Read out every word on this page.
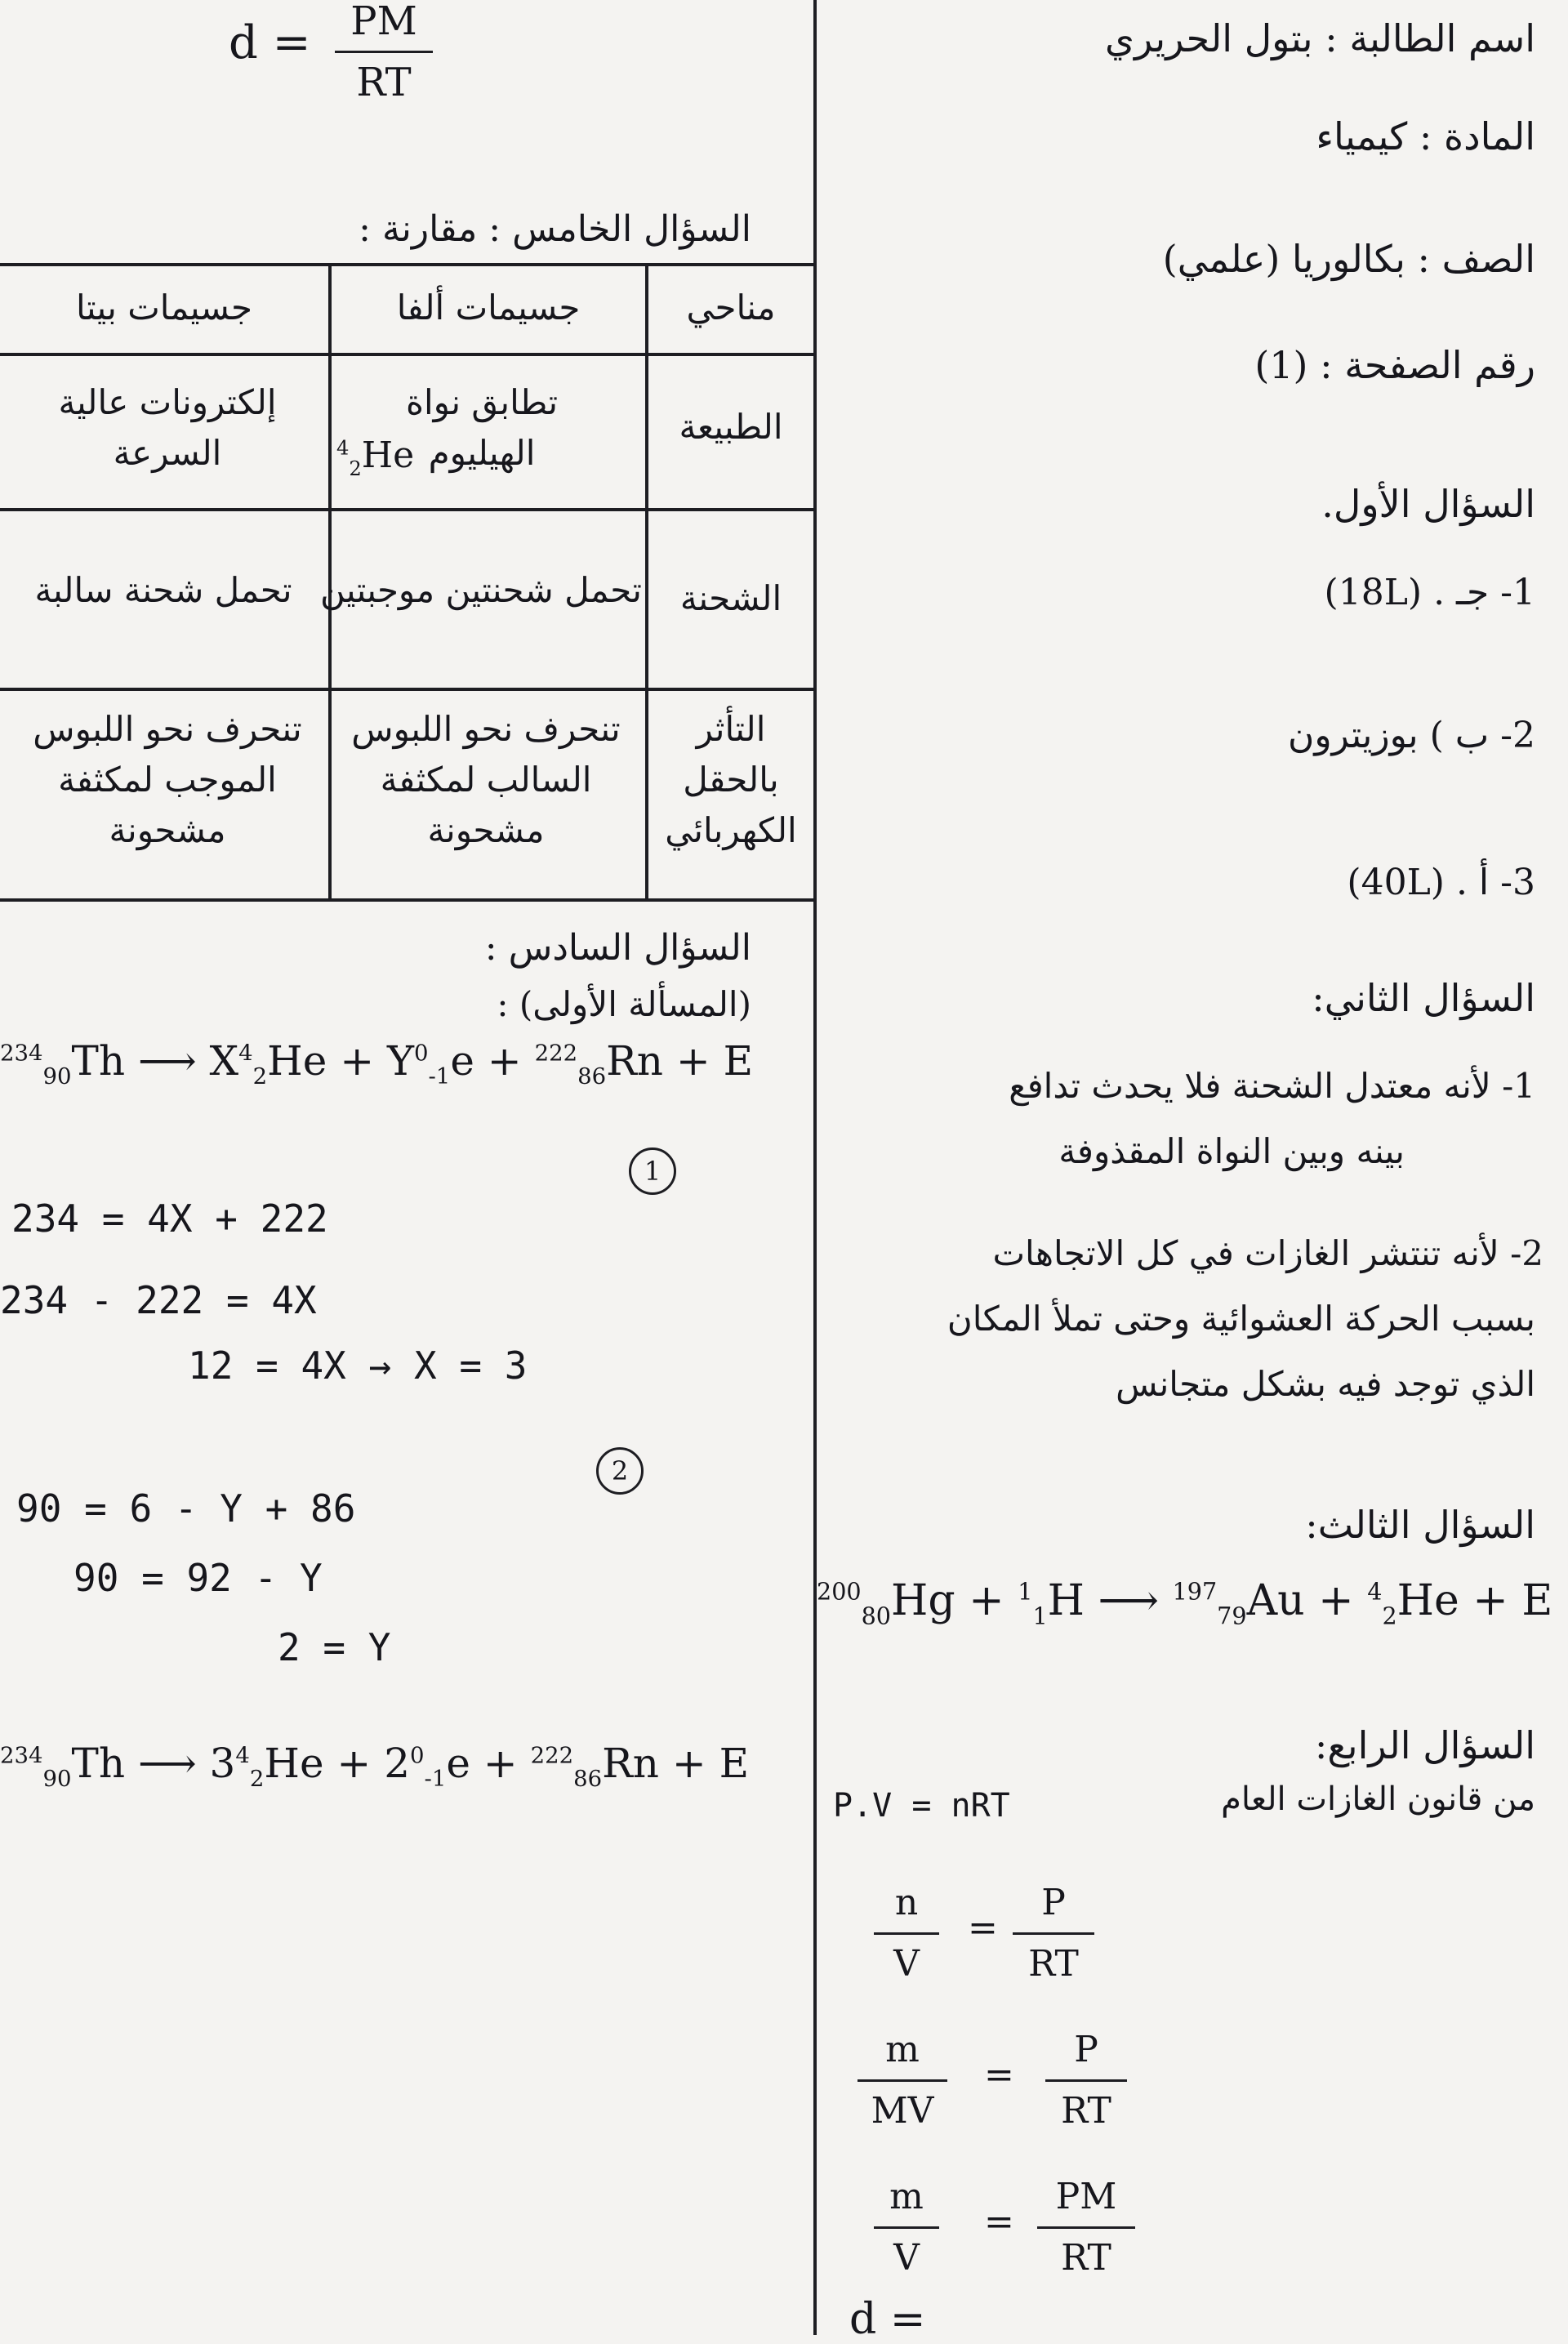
اسم الطالبة : بتول الحريري
المادة : كيمياء
الصف : بكالوريا (علمي)
رقم الصفحة : (1)
السؤال الأول.
1- جـ . (18L)
2- ب ) بوزيترون
3- أ . (40L)
السؤال الثاني:
1- لأنه معتدل الشحنة فلا يحدث تدافع
بينه وبين النواة المقذوفة
2- لأنه تنتشر الغازات في كل الاتجاهات
بسبب الحركة العشوائية وحتى تملأ المكان
الذي توجد فيه بشكل متجانس
السؤال الثالث:
$^{200}_{80}$Hg + $^1_1$H ⟶ $^{197}_{79}$Au + $^4_2$He + E
السؤال الرابع:
من قانون الغازات العام
P.V = nRT
n
V
=
P
RT
m
MV
=
P
RT
m
V
=
PM
RT
d =
d =	PM
RT
السؤال الخامس : مقارنة :
مناحي
جسيمات ألفا
جسيمات بيتا
الطبيعة
تطابق نواة الهيليوم
$^4_2$He
إلكترونات عالية السرعة
الشحنة
تحمل شحنتين موجبتين
تحمل شحنة سالبة
التأثر بالحقل الكهربائي
تنحرف نحو اللبوس السالب لمكثفة مشحونة
تنحرف نحو اللبوس الموجب لمكثفة مشحونة
السؤال السادس :
(المسألة الأولى) :
$^{234}_{90}$Th ⟶ $X^4_2He + Y^0_{-1}e + ^{222}_{86}Rn + E$
1
234 = 4X + 222
234 - 222 = 4X
12 = 4X → X = 3
2
90 = 6 - Y + 86
90 = 92 - Y
2 = Y
$^{234}_{90}$Th ⟶ $3^4_2He + 2^0_{-1}e + ^{222}_{86}Rn + E$
